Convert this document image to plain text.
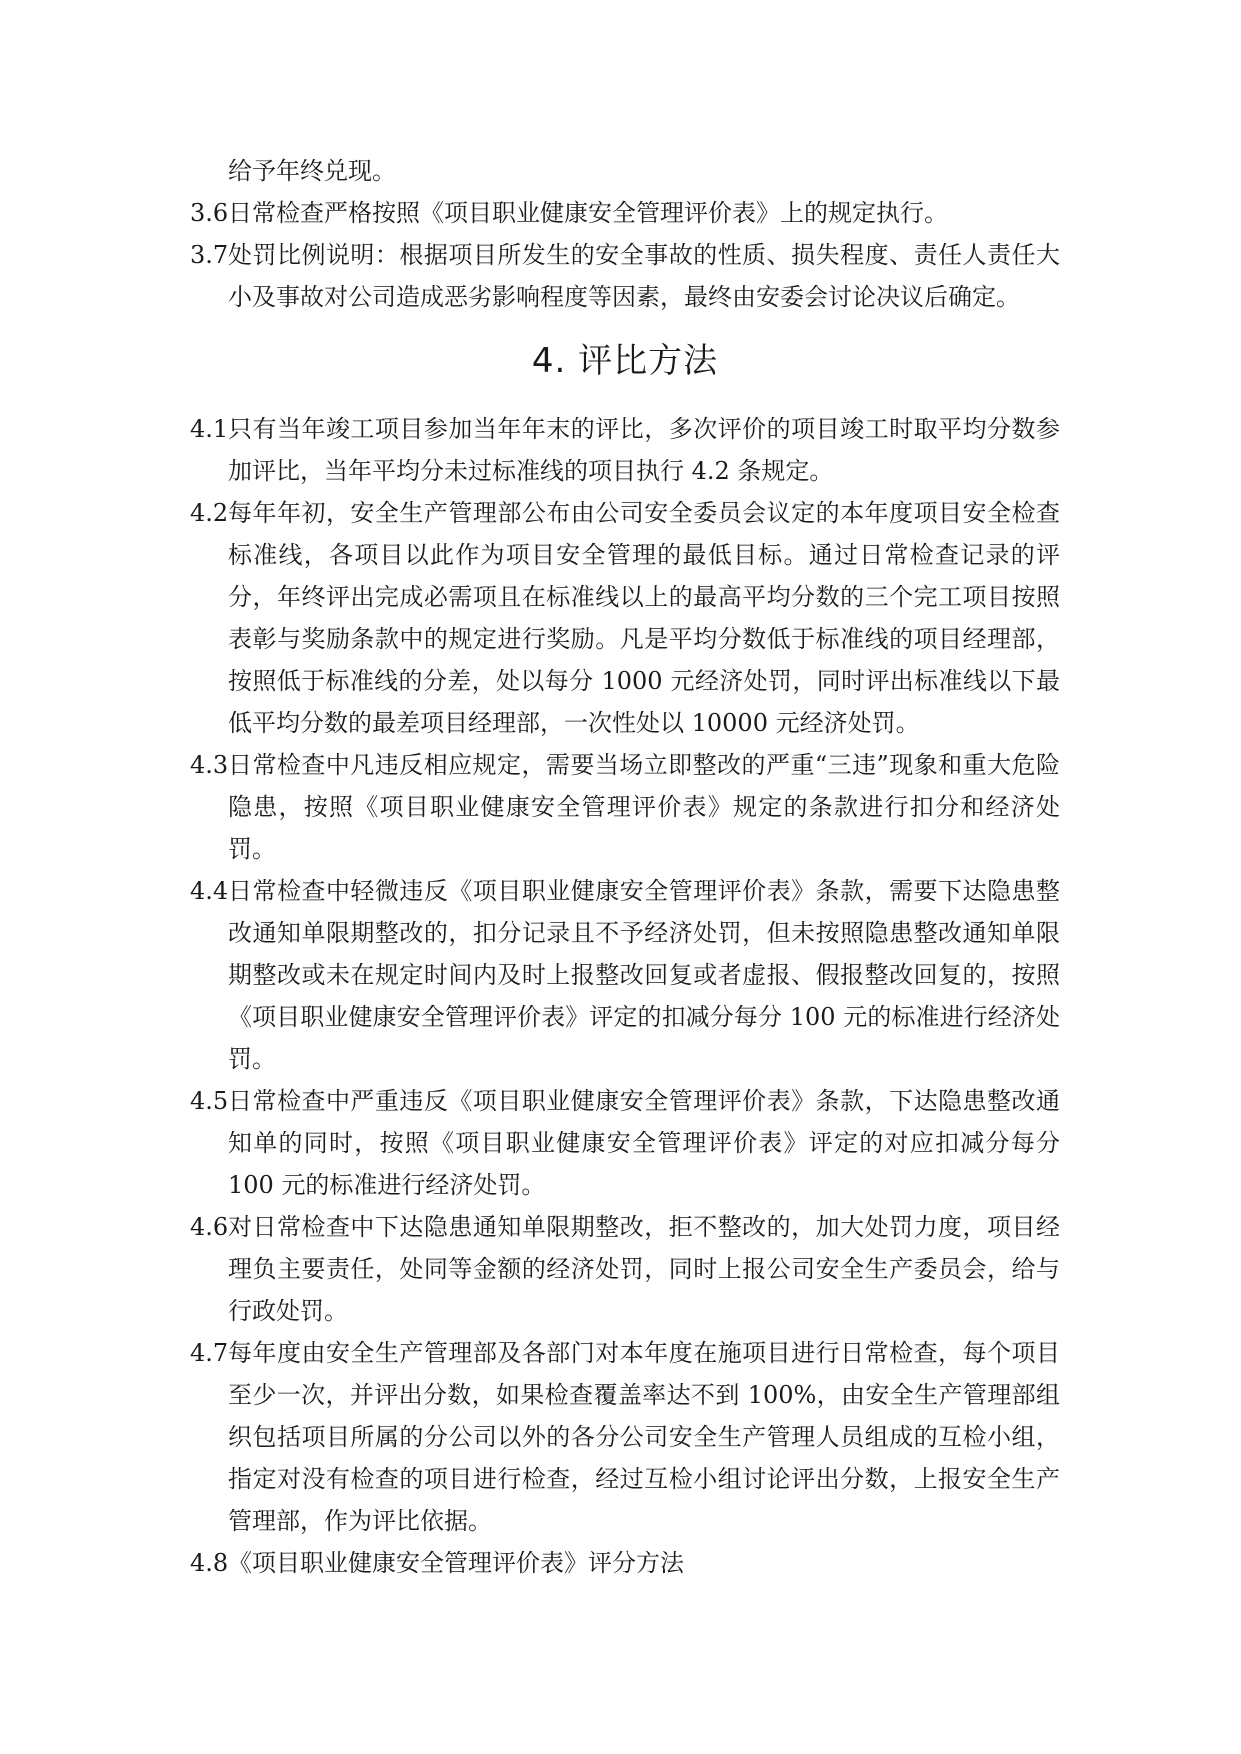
给予年终兑现。
3.6 日常检查严格按照《项目职业健康安全管理评价表》上的规定执行。
3.7 处罚比例说明：根据项目所发生的安全事故的性质、损失程度、责任人责任大小及事故对公司造成恶劣影响程度等因素，最终由安委会讨论决议后确定。
4. 评比方法
4.1 只有当年竣工项目参加当年年末的评比，多次评价的项目竣工时取平均分数参加评比，当年平均分未过标准线的项目执行 4.2 条规定。
4.2 每年年初，安全生产管理部公布由公司安全委员会议定的本年度项目安全检查标准线，各项目以此作为项目安全管理的最低目标。通过日常检查记录的评分，年终评出完成必需项且在标准线以上的最高平均分数的三个完工项目按照表彰与奖励条款中的规定进行奖励。凡是平均分数低于标准线的项目经理部，按照低于标准线的分差，处以每分 1000 元经济处罚，同时评出标准线以下最低平均分数的最差项目经理部，一次性处以 10000 元经济处罚。
4.3 日常检查中凡违反相应规定，需要当场立即整改的严重“三违”现象和重大危险隐患，按照《项目职业健康安全管理评价表》规定的条款进行扣分和经济处罚。
4.4 日常检查中轻微违反《项目职业健康安全管理评价表》条款，需要下达隐患整改通知单限期整改的，扣分记录且不予经济处罚，但未按照隐患整改通知单限期整改或未在规定时间内及时上报整改回复或者虚报、假报整改回复的，按照《项目职业健康安全管理评价表》评定的扣减分每分 100 元的标准进行经济处罚。
4.5 日常检查中严重违反《项目职业健康安全管理评价表》条款，下达隐患整改通知单的同时，按照《项目职业健康安全管理评价表》评定的对应扣减分每分 100 元的标准进行经济处罚。
4.6 对日常检查中下达隐患通知单限期整改，拒不整改的，加大处罚力度，项目经理负主要责任，处同等金额的经济处罚，同时上报公司安全生产委员会，给与行政处罚。
4.7 每年度由安全生产管理部及各部门对本年度在施项目进行日常检查，每个项目至少一次，并评出分数，如果检查覆盖率达不到 100%，由安全生产管理部组织包括项目所属的分公司以外的各分公司安全生产管理人员组成的互检小组，指定对没有检查的项目进行检查，经过互检小组讨论评出分数，上报安全生产管理部，作为评比依据。
4.8 《项目职业健康安全管理评价表》评分方法
